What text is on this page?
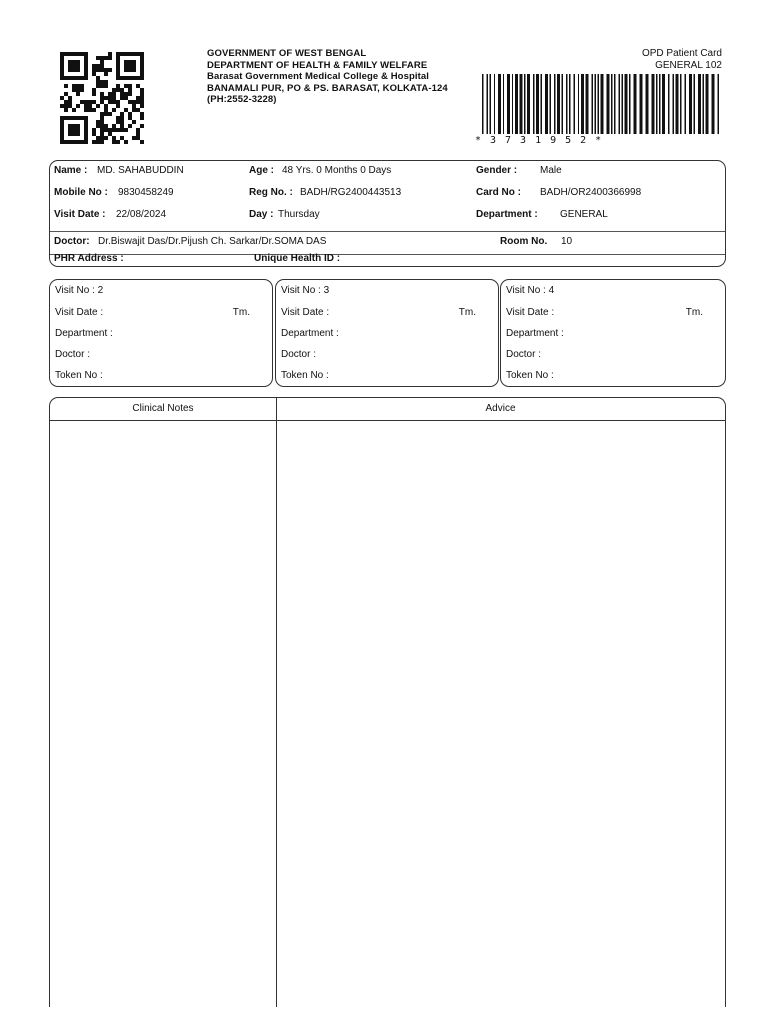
GOVERNMENT OF WEST BENGAL
DEPARTMENT OF HEALTH & FAMILY WELFARE
Barasat Government Medical College & Hospital
BANAMALI PUR, PO & PS. BARASAT, KOLKATA-124
(PH:2552-3228)
OPD Patient Card
GENERAL 102
*3731952*
Name : MD. SAHABUDDIN	Age : 48 Yrs. 0 Months 0 Days	Gender : Male
Mobile No : 9830458249	Reg No. : BADH/RG2400443513	Card No : BADH/OR2400366998
Visit Date : 22/08/2024	Day : Thursday	Department : GENERAL
Doctor: Dr.Biswajit Das/Dr.Pijush Ch. Sarkar/Dr.SOMA DAS	Room No. 10
PHR Address :	Unique Health ID :
Visit No : 2
Visit Date :	Tm.
Department :
Doctor :
Token No :
Visit No : 3
Visit Date :	Tm.
Department :
Doctor :
Token No :
Visit No : 4
Visit Date :	Tm.
Department :
Doctor :
Token No :
Clinical Notes	Advice
